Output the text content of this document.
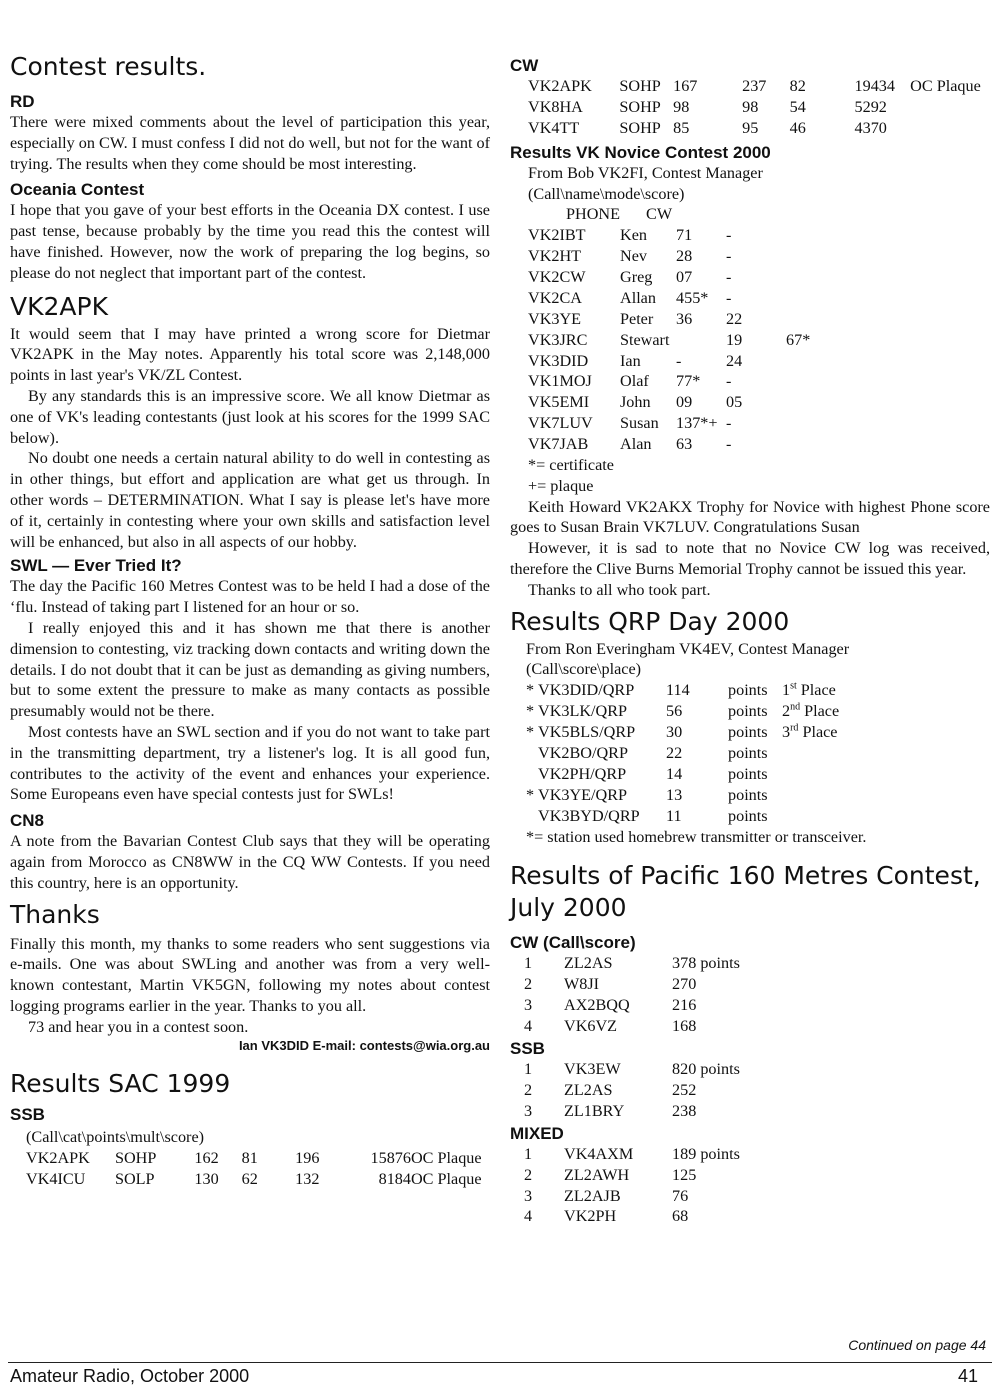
Contest results.
RD

There were mixed comments about the level of participation this year, especially on CW. I must confess I did not do well, but not for the want of trying. The results when they come should be most interesting.

Oceania Contest

I hope that you gave of your best efforts in the Oceania DX contest. I use past tense, because probably by the time you read this the contest will have finished. However, now the work of preparing the log begins, so please do not neglect that important part of the contest.

VK2APK

It would seem that I may have printed a wrong score for Dietmar VK2APK in the May notes. Apparently his total score was 2,148,000 points in last year's VK/ZL Contest.

By any standards this is an impressive score. We all know Dietmar as one of VK's leading contestants (just look at his scores for the 1999 SAC below).

No doubt one needs a certain natural ability to do well in contesting as in other things, but effort and application are what get us through. In other words – DETERMINATION. What I say is please let's have more of it, certainly in contesting where your own skills and satisfaction level will be enhanced, but also in all aspects of our hobby.

SWL — Ever Tried It?

The day the Pacific 160 Metres Contest was to be held I had a dose of the ‘flu. Instead of taking part I listened for an hour or so.

I really enjoyed this and it has shown me that there is another dimension to contesting, viz tracking down contacts and writing down the details. I do not doubt that it can be just as demanding as giving numbers, but to some extent the pressure to make as many contacts as possible presumably would not be there.

Most contests have an SWL section and if you do not want to take part in the transmitting department, try a listener's log. It is all good fun, contributes to the activity of the event and enhances your experience. Some Europeans even have special contests just for SWLs!

CN8

A note from the Bavarian Contest Club says that they will be operating again from Morocco as CN8WW in the CQ WW Contests. If you need this country, here is an opportunity.

Thanks

Finally this month, my thanks to some readers who sent suggestions via e-mails. One was about SWLing and another was from a very well-known contestant, Martin VK5GN, following my notes about contest logging programs earlier in the year. Thanks to you all.

73 and hear you in a contest soon.

Ian VK3DID E-mail: contests@wia.org.au
Results SAC 1999
SSB
(Call\cat\points\mult\score)
VK2APK	SOHP	162	81	196	15876	OC Plaque
VK4ICU	SOLP	130	62	132	8184	OC Plaque
CW
VK2APK	SOHP	167	237	82	19434	OC Plaque
VK8HA	SOHP	98	98	54	5292	
VK4TT	SOHP	85	95	46	4370	
Results VK Novice Contest 2000
From Bob VK2FI, Contest Manager
(Call\name\mode\score)
PHONE CW
VK2IBT	Ken	71	-	
VK2HT	Nev	28	-	
VK2CW	Greg	07	-	
VK2CA	Allan	455*	-	
VK3YE	Peter	36	22	
VK3JRC	Stewart		19	67*
VK3DID	Ian	-	24	
VK1MOJ	Olaf	77*	-	
VK5EMI	John	09	05	
VK7LUV	Susan	137*+	-	
VK7JAB	Alan	63	-	
*= certificate
+= plaque

Keith Howard VK2AKX Trophy for Novice with highest Phone score goes to Susan Brain VK7LUV. Congratulations Susan

However, it is sad to note that no Novice CW log was received, therefore the Clive Burns Memorial Trophy cannot be issued this year.

Thanks to all who took part.

Results QRP Day 2000
From Ron Everingham VK4EV, Contest Manager
(Call\score\place)
*	VK3DID/QRP	114	points	1st Place
*	VK3LK/QRP	56	points	2nd Place
*	VK5BLS/QRP	30	points	3rd Place
	VK2BO/QRP	22	points	
	VK2PH/QRP	14	points	
*	VK3YE/QRP	13	points	
	VK3BYD/QRP	11	points	
*= station used homebrew transmitter or transceiver.
Results of Pacific 160 Metres Contest,
July 2000
CW (Call\score)
1	ZL2AS	378 points
2	W8JI	270
3	AX2BQQ	216
4	VK6VZ	168
SSB
1	VK3EW	820 points
2	ZL2AS	252
3	ZL1BRY	238
MIXED
1	VK4AXM	189 points
2	ZL2AWH	125
3	ZL2AJB	76
4	VK2PH	68
Continued on page 44
Amateur Radio, October 2000	41
